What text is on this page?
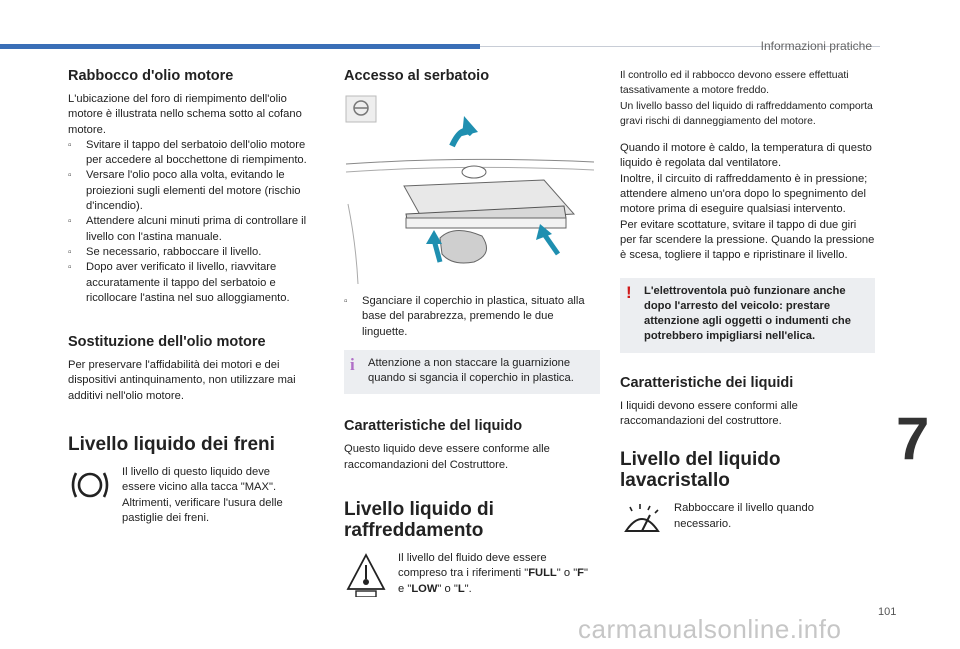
Informazioni pratiche
Rabbocco d'olio motore

L'ubicazione del foro di riempimento dell'olio motore è illustrata nello schema sotto al cofano motore.

▫ Svitare il tappo del serbatoio dell'olio motore per accedere al bocchettone di riempimento.
▫ Versare l'olio poco alla volta, evitando le proiezioni sugli elementi del motore (rischio d'incendio).
▫ Attendere alcuni minuti prima di controllare il livello con l'astina manuale.
▫ Se necessario, rabboccare il livello.
▫ Dopo aver verificato il livello, riavvitare accuratamente il tappo del serbatoio e ricollocare l'astina nel suo alloggiamento.
Sostituzione dell'olio motore

Per preservare l'affidabilità dei motori e dei dispositivi antinquinamento, non utilizzare mai additivi nell'olio motore.

Livello liquido dei freni

Il livello di questo liquido deve essere vicino alla tacca "MAX". Altrimenti, verificare l'usura delle pastiglie dei freni.

Accesso al serbatoio
▫ Sganciare il coperchio in plastica, situato alla base del parabrezza, premendo le due linguette.
i Attenzione a non staccare la guarnizione quando si sgancia il coperchio in plastica.
Caratteristiche del liquido

Questo liquido deve essere conforme alle raccomandazioni del Costruttore.

Livello liquido di raffreddamento

Il livello del fluido deve essere compreso tra i riferimenti "FULL" o "F" e "LOW" o "L".

Il controllo ed il rabbocco devono essere effettuati tassativamente a motore freddo.

Un livello basso del liquido di raffreddamento comporta gravi rischi di danneggiamento del motore.

Quando il motore è caldo, la temperatura di questo liquido è regolata dal ventilatore.

Inoltre, il circuito di raffreddamento è in pressione; attendere almeno un'ora dopo lo spegnimento del motore prima di eseguire qualsiasi intervento.

Per evitare scottature, svitare il tappo di due giri per far scendere la pressione. Quando la pressione è scesa, togliere il tappo e ripristinare il livello.

! L'elettroventola può funzionare anche dopo l'arresto del veicolo: prestare attenzione agli oggetti o indumenti che potrebbero impigliarsi nell'elica.
Caratteristiche dei liquidi

I liquidi devono essere conformi alle raccomandazioni del costruttore.

Livello del liquido lavacristallo

Rabboccare il livello quando necessario.

7
101
carmanualsonline.info
